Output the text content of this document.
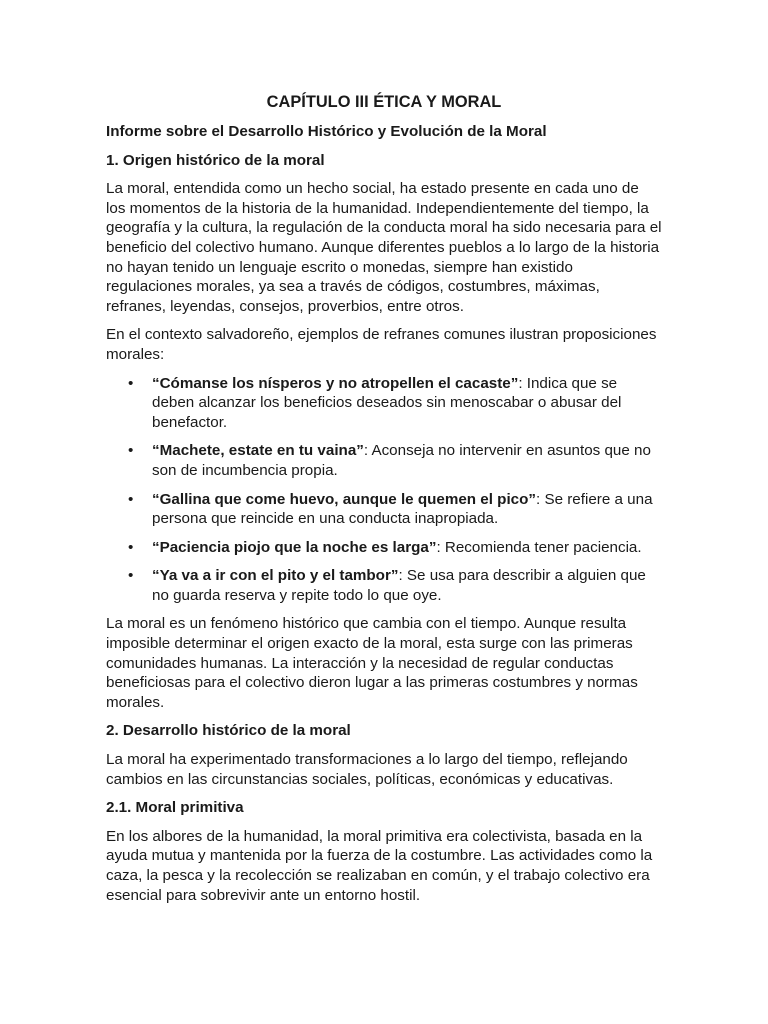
CAPÍTULO III ÉTICA Y MORAL
Informe sobre el Desarrollo Histórico y Evolución de la Moral
1. Origen histórico de la moral

La moral, entendida como un hecho social, ha estado presente en cada uno de los momentos de la historia de la humanidad. Independientemente del tiempo, la geografía y la cultura, la regulación de la conducta moral ha sido necesaria para el beneficio del colectivo humano. Aunque diferentes pueblos a lo largo de la historia no hayan tenido un lenguaje escrito o monedas, siempre han existido regulaciones morales, ya sea a través de códigos, costumbres, máximas, refranes, leyendas, consejos, proverbios, entre otros.

En el contexto salvadoreño, ejemplos de refranes comunes ilustran proposiciones morales:

• “Cómanse los nísperos y no atropellen el cacaste”: Indica que se deben alcanzar los beneficios deseados sin menoscabar o abusar del benefactor.
• “Machete, estate en tu vaina”: Aconseja no intervenir en asuntos que no son de incumbencia propia.
• “Gallina que come huevo, aunque le quemen el pico”: Se refiere a una persona que reincide en una conducta inapropiada.
• “Paciencia piojo que la noche es larga”: Recomienda tener paciencia.
• “Ya va a ir con el pito y el tambor”: Se usa para describir a alguien que no guarda reserva y repite todo lo que oye.

La moral es un fenómeno histórico que cambia con el tiempo. Aunque resulta imposible determinar el origen exacto de la moral, esta surge con las primeras comunidades humanas. La interacción y la necesidad de regular conductas beneficiosas para el colectivo dieron lugar a las primeras costumbres y normas morales.

2. Desarrollo histórico de la moral

La moral ha experimentado transformaciones a lo largo del tiempo, reflejando cambios en las circunstancias sociales, políticas, económicas y educativas.

2.1. Moral primitiva

En los albores de la humanidad, la moral primitiva era colectivista, basada en la ayuda mutua y mantenida por la fuerza de la costumbre. Las actividades como la caza, la pesca y la recolección se realizaban en común, y el trabajo colectivo era esencial para sobrevivir ante un entorno hostil.
